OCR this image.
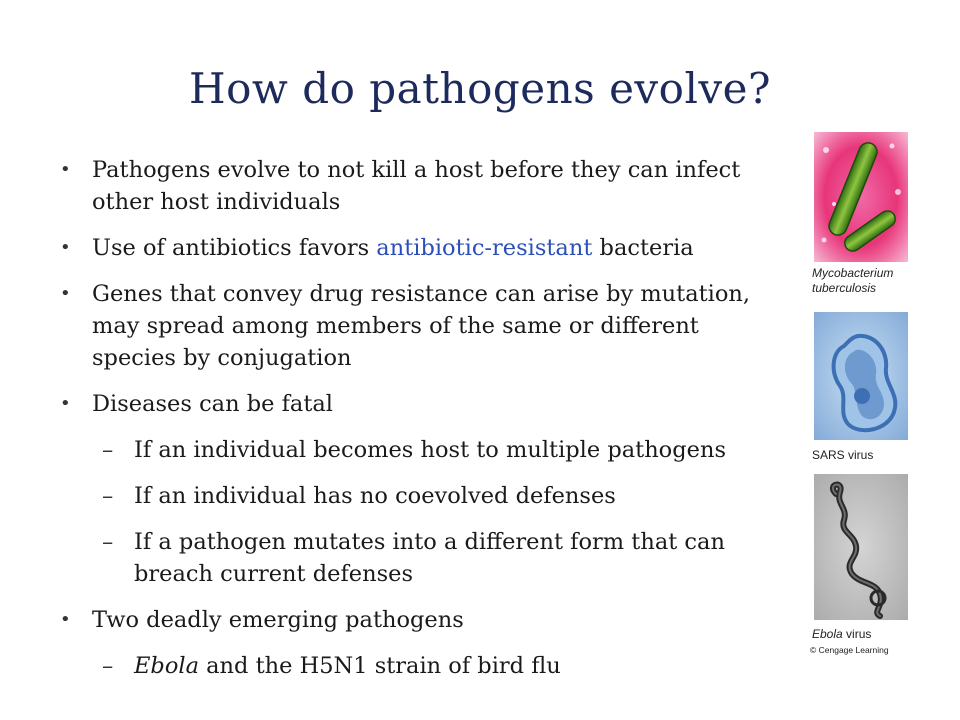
How do pathogens evolve?
• Pathogens evolve to not kill a host before they can infect other host individuals
• Use of antibiotics favors antibiotic-resistant bacteria
• Genes that convey drug resistance can arise by mutation, may spread among members of the same or different species by conjugation
• Diseases can be fatal
– If an individual becomes host to multiple pathogens
– If an individual has no coevolved defenses
– If a pathogen mutates into a different form that can breach current defenses
• Two deadly emerging pathogens
– Ebola and the H5N1 strain of bird flu
Mycobacterium
tuberculosis
SARS virus
Ebola virus
© Cengage Learning
